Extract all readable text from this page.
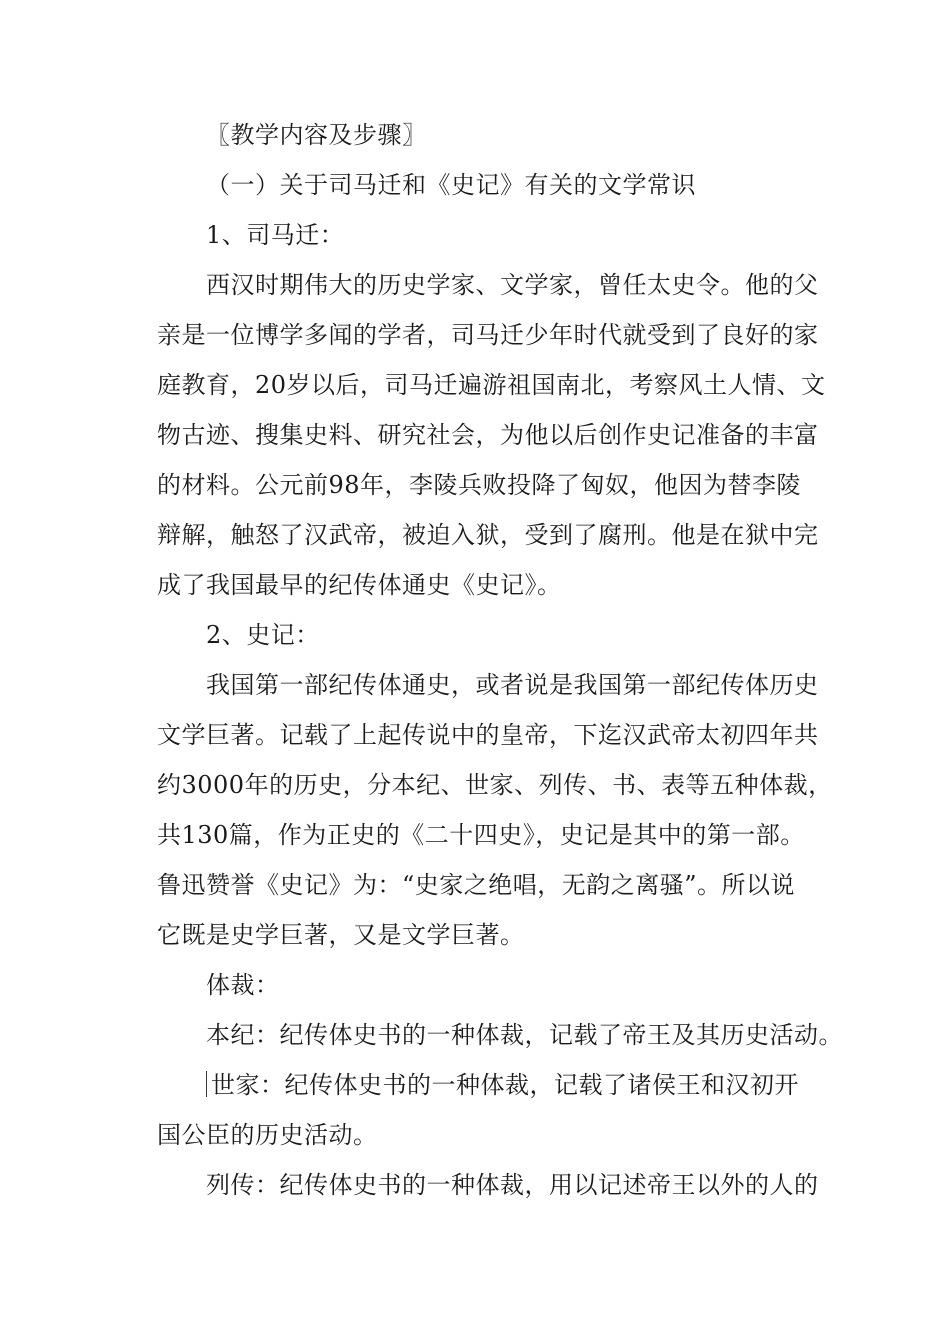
〖教学内容及步骤〗
（一）关于司马迁和《史记》有关的文学常识
1、司马迁：
西汉时期伟大的历史学家、文学家，曾任太史令。他的父
亲是一位博学多闻的学者，司马迁少年时代就受到了良好的家
庭教育，20岁以后，司马迁遍游祖国南北，考察风土人情、文
物古迹、搜集史料、研究社会，为他以后创作史记准备的丰富
的材料。公元前98年，李陵兵败投降了匈奴，他因为替李陵
辩解，触怒了汉武帝，被迫入狱，受到了腐刑。他是在狱中完
成了我国最早的纪传体通史《史记》。
2、史记：
我国第一部纪传体通史，或者说是我国第一部纪传体历史
文学巨著。记载了上起传说中的皇帝，下迄汉武帝太初四年共
约3000年的历史，分本纪、世家、列传、书、表等五种体裁，
共130篇，作为正史的《二十四史》，史记是其中的第一部。
鲁迅赞誉《史记》为：“史家之绝唱，无韵之离骚”。所以说
它既是史学巨著，又是文学巨著。
体裁：
本纪：纪传体史书的一种体裁，记载了帝王及其历史活动。
世家：纪传体史书的一种体裁，记载了诸侯王和汉初开
国公臣的历史活动。
列传：纪传体史书的一种体裁，用以记述帝王以外的人的
